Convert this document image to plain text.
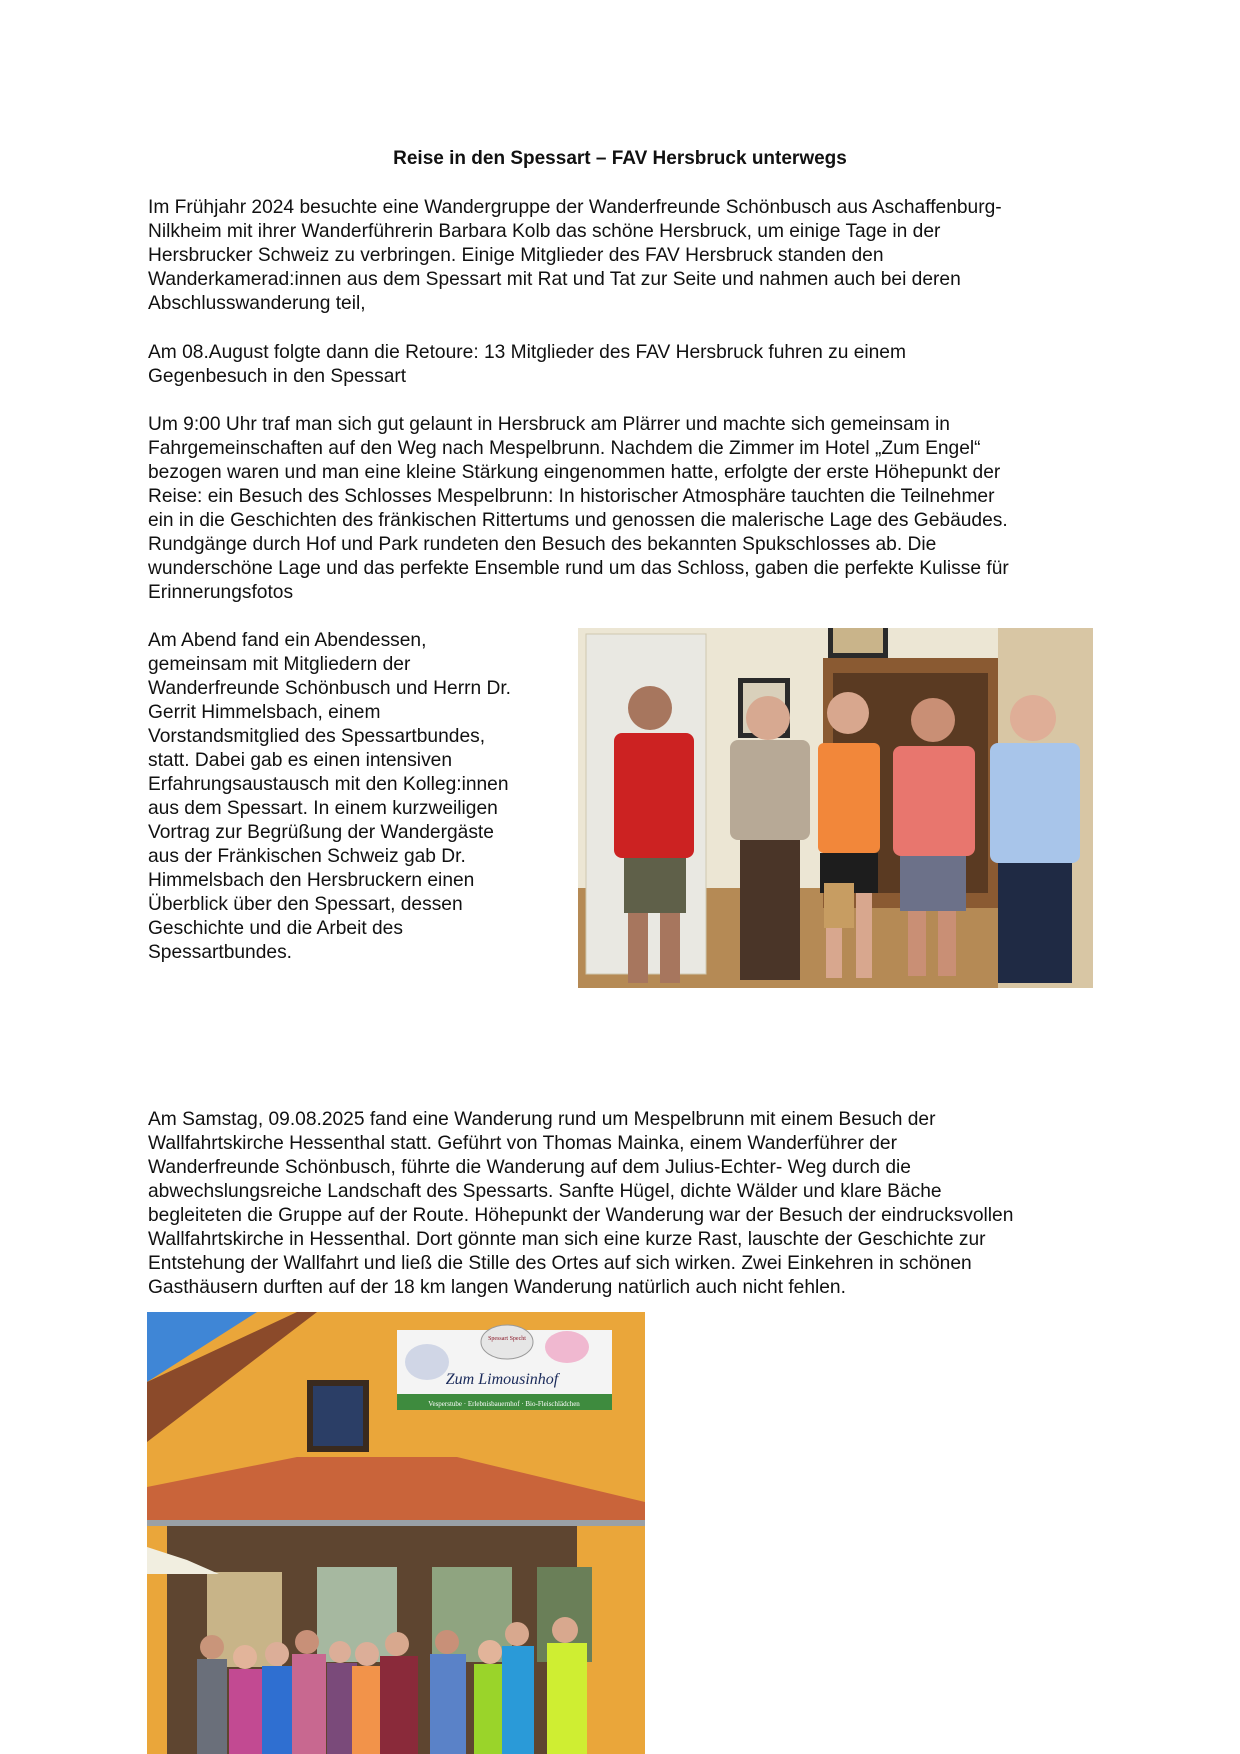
Reise in den Spessart – FAV Hersbruck unterwegs
Im Frühjahr 2024 besuchte eine Wandergruppe der Wanderfreunde Schönbusch aus Aschaffenburg-
Nilkheim mit ihrer Wanderführerin Barbara Kolb das schöne Hersbruck, um einige Tage in der
Hersbrucker Schweiz zu verbringen. Einige Mitglieder des FAV Hersbruck standen den
Wanderkamerad:innen aus dem Spessart mit Rat und Tat zur Seite und nahmen auch bei deren
Abschlusswanderung teil,
Am 08.August folgte dann die Retoure: 13 Mitglieder des FAV Hersbruck fuhren zu einem
Gegenbesuch in den Spessart
Um 9:00 Uhr traf man sich gut gelaunt in Hersbruck am Plärrer und machte sich gemeinsam in
Fahrgemeinschaften auf den Weg nach Mespelbrunn. Nachdem die Zimmer im Hotel „Zum Engel“
bezogen waren und man eine kleine Stärkung eingenommen hatte, erfolgte der erste Höhepunkt der
Reise: ein Besuch des Schlosses Mespelbrunn: In historischer Atmosphäre tauchten die Teilnehmer
ein in die Geschichten des fränkischen Rittertums und genossen die malerische Lage des Gebäudes.
Rundgänge durch Hof und Park rundeten den Besuch des bekannten Spukschlosses ab. Die
wunderschöne Lage und das perfekte Ensemble rund um das Schloss, gaben die perfekte Kulisse für
Erinnerungsfotos
Am Abend fand ein Abendessen,
gemeinsam mit Mitgliedern der
Wanderfreunde Schönbusch und Herrn Dr.
Gerrit Himmelsbach, einem
Vorstandsmitglied des Spessartbundes,
statt. Dabei gab es einen intensiven
Erfahrungsaustausch mit den Kolleg:innen
aus dem Spessart. In einem kurzweiligen
Vortrag zur Begrüßung der Wandergäste
aus der Fränkischen Schweiz gab Dr.
Himmelsbach den Hersbruckern einen
Überblick über den Spessart, dessen
Geschichte und die Arbeit des
Spessartbundes.
Am Samstag, 09.08.2025 fand eine Wanderung rund um Mespelbrunn mit einem Besuch der
Wallfahrtskirche Hessenthal statt. Geführt von Thomas Mainka, einem Wanderführer der
Wanderfreunde Schönbusch, führte die Wanderung auf dem Julius-Echter- Weg durch die
abwechslungsreiche Landschaft des Spessarts. Sanfte Hügel, dichte Wälder und klare Bäche
begleiteten die Gruppe auf der Route. Höhepunkt der Wanderung war der Besuch der eindrucksvollen
Wallfahrtskirche in Hessenthal. Dort gönnte man sich eine kurze Rast, lauschte der Geschichte zur
Entstehung der Wallfahrt und ließ die Stille des Ortes auf sich wirken. Zwei Einkehren in schönen
Gasthäusern durften auf der 18 km langen Wanderung natürlich auch nicht fehlen.
Spessart Specht
Zum Limousinhof
Vesperstube · Erlebnisbauernhof · Bio-Fleischlädchen
